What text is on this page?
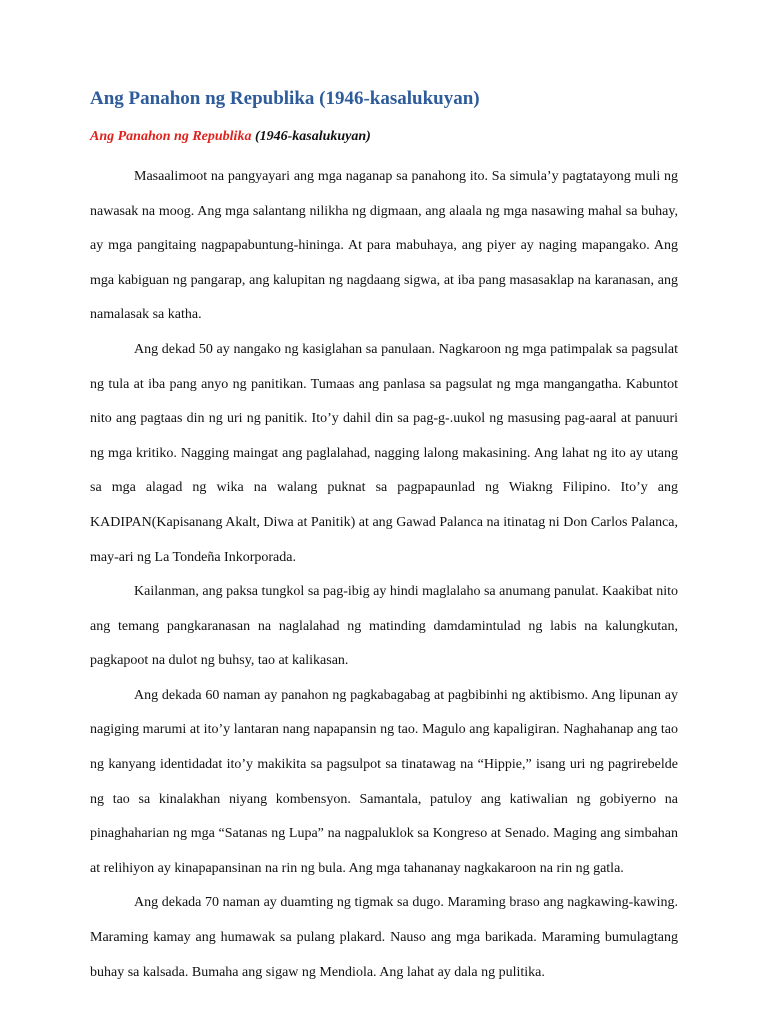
Ang Panahon ng Republika (1946-kasalukuyan)

Ang Panahon ng Republika (1946-kasalukuyan)

Masaalimoot na pangyayari ang mga naganap sa panahong ito. Sa simula’y pagtatayong muli ng nawasak na moog. Ang mga salantang nilikha ng digmaan, ang alaala ng mga nasawing mahal sa buhay, ay mga pangitaing nagpapabuntung-hininga. At para mabuhaya, ang piyer ay naging mapangako. Ang mga kabiguan ng pangarap, ang kalupitan ng nagdaang sigwa, at iba pang masasaklap na karanasan, ang namalasak sa katha.

Ang dekad 50 ay nangako ng kasiglahan sa panulaan. Nagkaroon ng mga patimpalak sa pagsulat ng tula at iba pang anyo ng panitikan. Tumaas ang panlasa sa pagsulat ng mga mangangatha. Kabuntot nito ang pagtaas din ng uri ng panitik. Ito’y dahil din sa pag-g-.uukol ng masusing pag-aaral at panuuri ng mga kritiko. Nagging maingat ang paglalahad, nagging lalong makasining. Ang lahat ng ito ay utang sa mga alagad ng wika na walang puknat sa pagpapaunlad ng Wiakng Filipino. Ito’y ang KADIPAN(Kapisanang Akalt, Diwa at Panitik) at ang Gawad Palanca na itinatag ni Don Carlos Palanca, may-ari ng La Tondeña Inkorporada.

Kailanman, ang paksa tungkol sa pag-ibig ay hindi maglalaho sa anumang panulat. Kaakibat nito ang temang pangkaranasan na naglalahad ng matinding damdamintulad ng labis na kalungkutan, pagkapoot na dulot ng buhsy, tao at kalikasan.

Ang dekada 60 naman ay panahon ng pagkabagabag at pagbibinhi ng aktibismo. Ang lipunan ay nagiging marumi at ito’y lantaran nang napapansin ng tao. Magulo ang kapaligiran. Naghahanap ang tao ng kanyang identidadat ito’y makikita sa pagsulpot sa tinatawag na “Hippie,” isang uri ng pagrirebelde ng tao sa kinalakhan niyang kombensyon. Samantala, patuloy ang katiwalian ng gobiyerno na pinaghaharian ng mga “Satanas ng Lupa” na nagpaluklok sa Kongreso at Senado. Maging ang simbahan at relihiyon ay kinapapansinan na rin ng bula. Ang mga tahananay nagkakaroon na rin ng gatla.

Ang dekada 70 naman ay duamting ng tigmak sa dugo. Maraming braso ang nagkawing-kawing. Maraming kamay ang humawak sa pulang plakard. Nauso ang mga barikada. Maraming bumulagtang buhay sa kalsada. Bumaha ang sigaw ng Mendiola. Ang lahat ay dala ng pulitika.
